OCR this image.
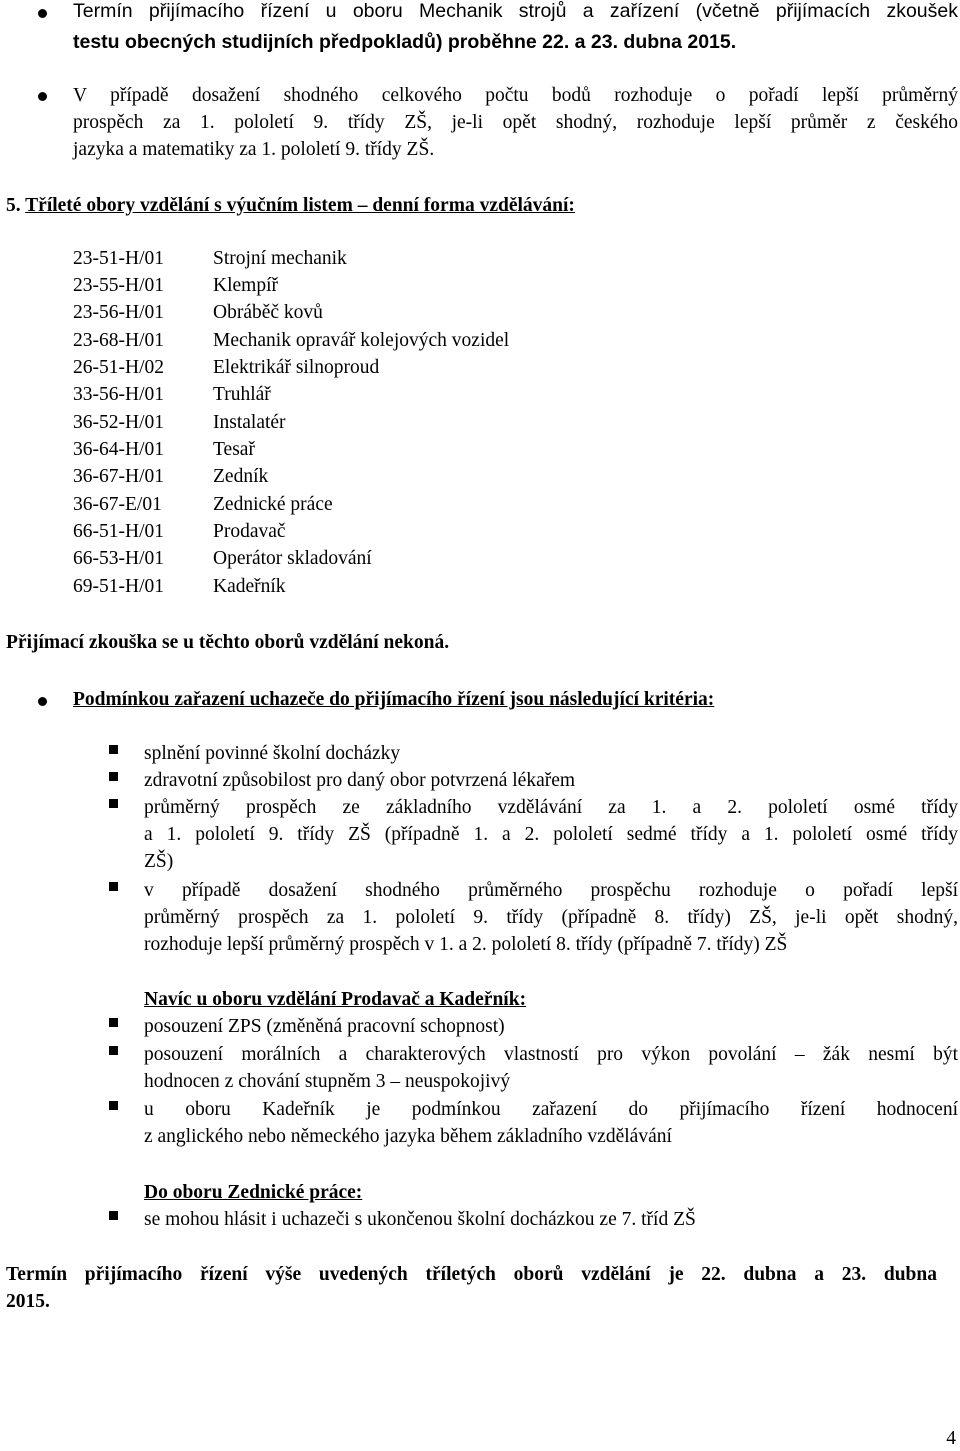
Termín přijímacího řízení u oboru Mechanik strojů a zařízení (včetně přijímacích zkoušek
testu obecných studijních předpokladů) proběhne 22. a 23. dubna 2015.
V případě dosažení shodného celkového počtu bodů rozhoduje o pořadí lepší průměrný
prospěch za 1. pololetí 9. třídy ZŠ, je-li opět shodný, rozhoduje lepší průměr z českého
jazyka a matematiky za 1. pololetí 9. třídy ZŠ.
5. Tříleté obory vzdělání s výučním listem – denní forma vzdělávání:
23-51-H/01	Strojní mechanik
23-55-H/01	Klempíř
23-56-H/01	Obráběč kovů
23-68-H/01	Mechanik opravář kolejových vozidel
26-51-H/02	Elektrikář silnoproud
33-56-H/01	Truhlář
36-52-H/01	Instalatér
36-64-H/01	Tesař
36-67-H/01	Zedník
36-67-E/01	Zednické práce
66-51-H/01	Prodavač
66-53-H/01	Operátor skladování
69-51-H/01	Kadeřník
Přijímací zkouška se u těchto oborů vzdělání nekoná.
Podmínkou zařazení uchazeče do přijímacího řízení jsou následující kritéria:
splnění povinné školní docházky
zdravotní způsobilost pro daný obor potvrzená lékařem
průměrný prospěch ze základního vzdělávání za 1. a 2. pololetí osmé třídy
a 1. pololetí 9. třídy ZŠ (případně 1. a 2. pololetí sedmé třídy a 1. pololetí osmé třídy
ZŠ)
v případě dosažení shodného průměrného prospěchu rozhoduje o pořadí lepší
průměrný prospěch za 1. pololetí 9. třídy (případně 8. třídy) ZŠ, je-li opět shodný,
rozhoduje lepší průměrný prospěch v 1. a 2. pololetí 8. třídy (případně 7. třídy) ZŠ
Navíc u oboru vzdělání Prodavač a Kadeřník:
posouzení ZPS (změněná pracovní schopnost)
posouzení morálních a charakterových vlastností pro výkon povolání – žák nesmí být
hodnocen z chování stupněm 3 – neuspokojivý
u oboru Kadeřník je podmínkou zařazení do přijímacího řízení hodnocení
z anglického nebo německého jazyka během základního vzdělávání
Do oboru Zednické práce:
se mohou hlásit i uchazeči s ukončenou školní docházkou ze 7. tříd ZŠ
Termín přijímacího řízení výše uvedených tříletých oborů vzdělání je 22. dubna a 23. dubna
2015.
4
